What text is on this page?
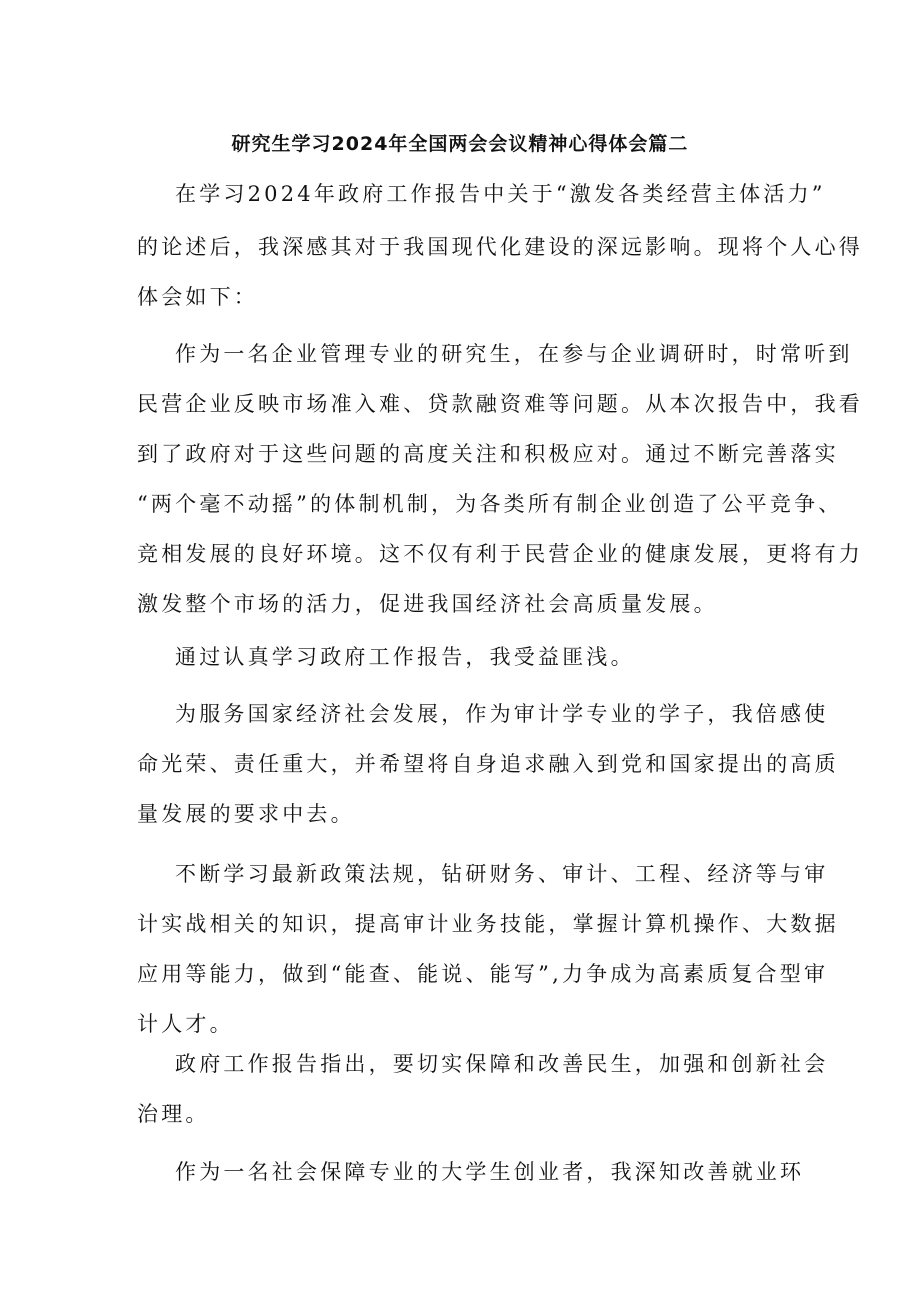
研究生学习2024年全国两会会议精神心得体会篇二
在学习2024年政府工作报告中关于“激发各类经营主体活力”
的论述后，我深感其对于我国现代化建设的深远影响。现将个人心得
体会如下：
作为一名企业管理专业的研究生，在参与企业调研时，时常听到
民营企业反映市场准入难、贷款融资难等问题。从本次报告中，我看
到了政府对于这些问题的高度关注和积极应对。通过不断完善落实
“两个毫不动摇”的体制机制，为各类所有制企业创造了公平竞争、
竞相发展的良好环境。这不仅有利于民营企业的健康发展，更将有力
激发整个市场的活力，促进我国经济社会高质量发展。
通过认真学习政府工作报告，我受益匪浅。
为服务国家经济社会发展，作为审计学专业的学子，我倍感使
命光荣、责任重大，并希望将自身追求融入到党和国家提出的高质
量发展的要求中去。
不断学习最新政策法规，钻研财务、审计、工程、经济等与审
计实战相关的知识，提高审计业务技能，掌握计算机操作、大数据
应用等能力，做到“能查、能说、能写”,力争成为高素质复合型审
计人才。
政府工作报告指出，要切实保障和改善民生，加强和创新社会
治理。
作为一名社会保障专业的大学生创业者，我深知改善就业环
